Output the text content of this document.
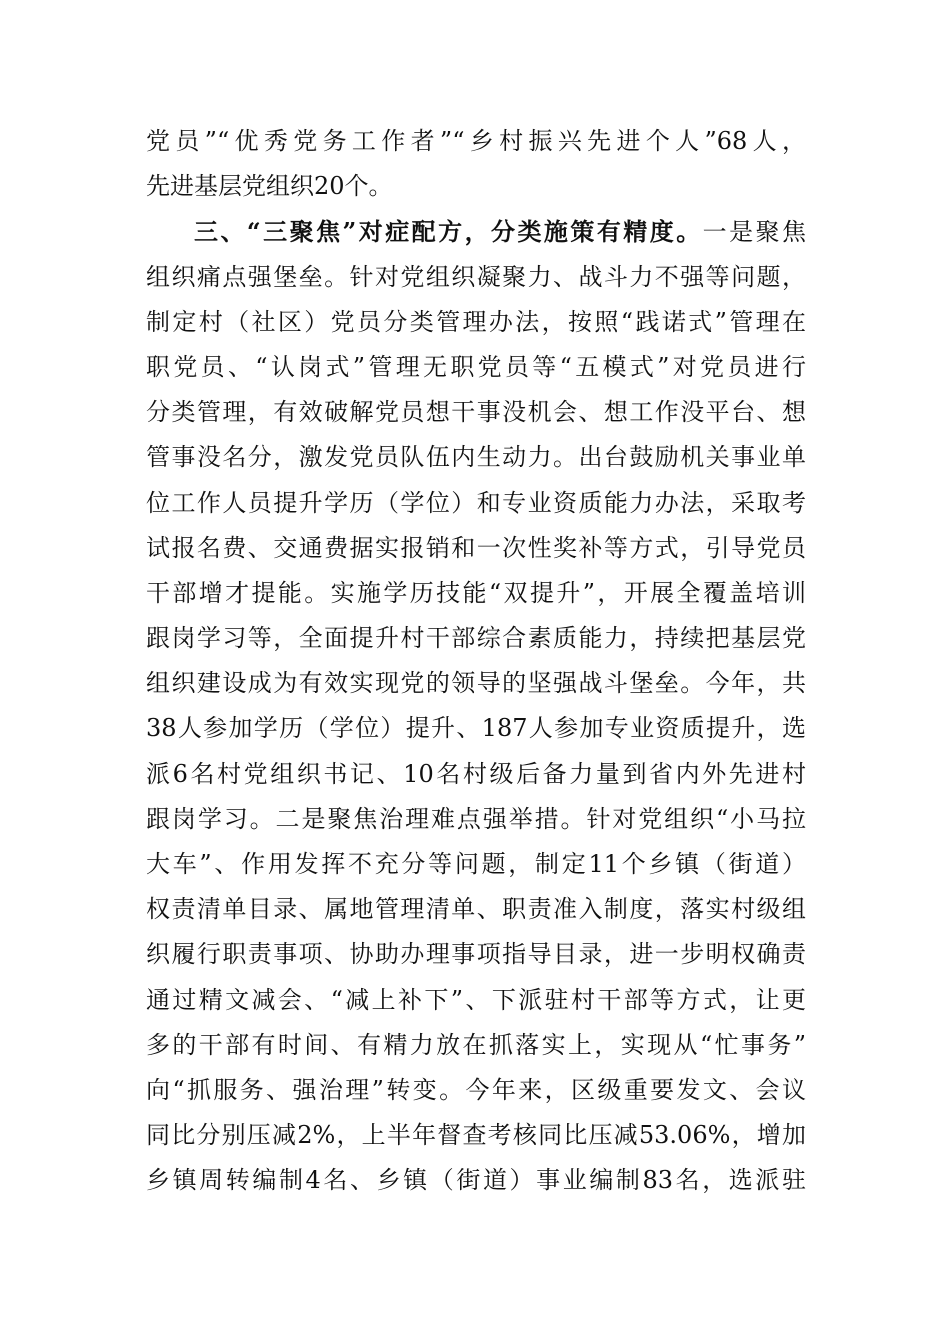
党员”“优秀党务工作者”“乡村振兴先进个人”68人，
先进基层党组织20个。
三、“三聚焦”对症配方，分类施策有精度。一是聚焦
组织痛点强堡垒。针对党组织凝聚力、战斗力不强等问题，
制定村（社区）党员分类管理办法，按照“践诺式”管理在
职党员、“认岗式”管理无职党员等“五模式”对党员进行
分类管理，有效破解党员想干事没机会、想工作没平台、想
管事没名分，激发党员队伍内生动力。出台鼓励机关事业单
位工作人员提升学历（学位）和专业资质能力办法，采取考
试报名费、交通费据实报销和一次性奖补等方式，引导党员
干部增才提能。实施学历技能“双提升”，开展全覆盖培训
跟岗学习等，全面提升村干部综合素质能力，持续把基层党
组织建设成为有效实现党的领导的坚强战斗堡垒。今年，共
38人参加学历（学位）提升、187人参加专业资质提升，选
派6名村党组织书记、10名村级后备力量到省内外先进村
跟岗学习。二是聚焦治理难点强举措。针对党组织“小马拉
大车”、作用发挥不充分等问题，制定11个乡镇（街道）
权责清单目录、属地管理清单、职责准入制度，落实村级组
织履行职责事项、协助办理事项指导目录，进一步明权确责
通过精文减会、“减上补下”、下派驻村干部等方式，让更
多的干部有时间、有精力放在抓落实上，实现从“忙事务”
向“抓服务、强治理”转变。今年来，区级重要发文、会议
同比分别压减2%，上半年督查考核同比压减53.06%，增加
乡镇周转编制4名、乡镇（街道）事业编制83名，选派驻
